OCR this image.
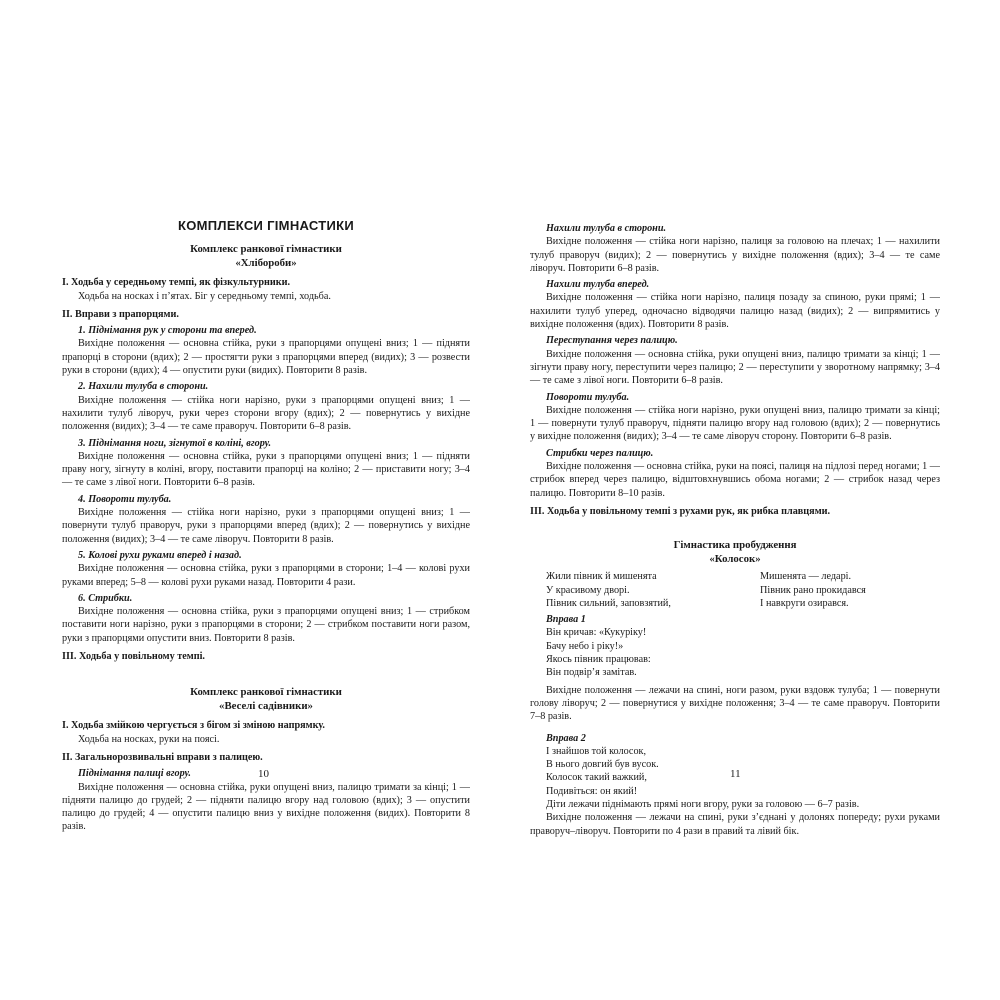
КОМПЛЕКСИ ГІМНАСТИКИ
Комплекс ранкової гімнастики
«Хлібороби»
I. Ходьба у середньому темпі, як фізкультурники.

Ходьба на носках і п’ятах. Біг у середньому темпі, ходьба.

II. Вправи з прапорцями.
1. Піднімання рук у сторони та вперед.

Вихідне положення — основна стійка, руки з прапорцями опущені вниз; 1 — підняти прапорці в сторони (вдих); 2 — простягти руки з прапорцями вперед (видих); 3 — розвести руки в сторони (вдих); 4 — опустити руки (видих). Повторити 8 разів.

2. Нахили тулуба в сторони.

Вихідне положення — стійка ноги нарізно, руки з прапорцями опущені вниз; 1 — нахилити тулуб ліворуч, руки через сторони вгору (вдих); 2 — повернутись у вихідне положення (видих); 3–4 — те саме праворуч. Повторити 6–8 разів.

3. Піднімання ноги, зігнутої в коліні, вгору.

Вихідне положення — основна стійка, руки з прапорцями опущені вниз; 1 — підняти праву ногу, зігнуту в коліні, вгору, поставити прапорці на коліно; 2 — приставити ногу; 3–4 — те саме з лівої ноги. Повторити 6–8 разів.

4. Повороти тулуба.

Вихідне положення — стійка ноги нарізно, руки з прапорцями опущені вниз; 1 — повернути тулуб праворуч, руки з прапорцями вперед (вдих); 2 — повернутись у вихідне положення (видих); 3–4 — те саме ліворуч. Повторити 8 разів.

5. Колові рухи руками вперед і назад.

Вихідне положення — основна стійка, руки з прапорцями в сторони; 1–4 — колові рухи руками вперед; 5–8 — колові рухи руками назад. Повторити 4 рази.

6. Стрибки.

Вихідне положення — основна стійка, руки з прапорцями опущені вниз; 1 — стрибком поставити ноги нарізно, руки з прапорцями в сторони; 2 — стрибком поставити ноги разом, руки з прапорцями опустити вниз. Повторити 8 разів.

III. Ходьба у повільному темпі.
Комплекс ранкової гімнастики
«Веселі садівники»
I. Ходьба змійкою чергується з бігом зі зміною напрямку.

Ходьба на носках, руки на поясі.

II. Загальнорозвивальні вправи з палицею.
Піднімання палиці вгору.

Вихідне положення — основна стійка, руки опущені вниз, палицю тримати за кінці; 1 — підняти палицю до грудей; 2 — підняти палицю вгору над головою (вдих); 3 — опустити палицю до грудей; 4 — опустити палицю вниз у вихідне положення (видих). Повторити 8 разів.

10
Нахили тулуба в сторони.

Вихідне положення — стійка ноги нарізно, палиця за головою на плечах; 1 — нахилити тулуб праворуч (видих); 2 — повернутись у вихідне положення (вдих); 3–4 — те саме ліворуч. Повторити 6–8 разів.

Нахили тулуба вперед.

Вихідне положення — стійка ноги нарізно, палиця позаду за спиною, руки прямі; 1 — нахилити тулуб уперед, одночасно відводячи палицю назад (видих); 2 — випрямитись у вихідне положення (вдих). Повторити 8 разів.

Переступання через палицю.

Вихідне положення — основна стійка, руки опущені вниз, палицю тримати за кінці; 1 — зігнути праву ногу, переступити через палицю; 2 — переступити у зворотному напрямку; 3–4 — те саме з лівої ноги. Повторити 6–8 разів.

Повороти тулуба.

Вихідне положення — стійка ноги нарізно, руки опущені вниз, палицю тримати за кінці; 1 — повернути тулуб праворуч, підняти палицю вгору над головою (вдих); 2 — повернутись у вихідне положення (видих); 3–4 — те саме ліворуч сторону. Повторити 6–8 разів.

Стрибки через палицю.

Вихідне положення — основна стійка, руки на поясі, палиця на підлозі перед ногами; 1 — стрибок вперед через палицю, відштовхнувшись обома ногами; 2 — стрибок назад через палицю. Повторити 8–10 разів.

III. Ходьба у повільному темпі з рухами рук, як рибка плавцями.
Гімнастика пробудження
«Колосок»
Жили півник й мишенята
У красивому дворі.
Півник сильний, заповзятий,
Мишенята — ледарі.
Півник рано прокидався
І навкруги озирався.
Вправа 1
Він кричав: «Кукуріку!
Бачу небо і ріку!»
Якось півник працював:
Він подвір’я замітав.

Вихідне положення — лежачи на спині, ноги разом, руки вздовж тулуба; 1 — повернути голову ліворуч; 2 — повернутися у вихідне положення; 3–4 — те саме праворуч. Повторити 7–8 разів.

Вправа 2
І знайшов той колосок,
В нього довгий був вусок.
Колосок такий важкий,
Подивіться: он який!

Діти лежачи піднімають прямі ноги вгору, руки за головою — 6–7 разів.

Вихідне положення — лежачи на спині, руки з’єднані у долонях попереду; рухи руками праворуч–ліворуч. Повторити по 4 рази в правий та лівий бік.

11
